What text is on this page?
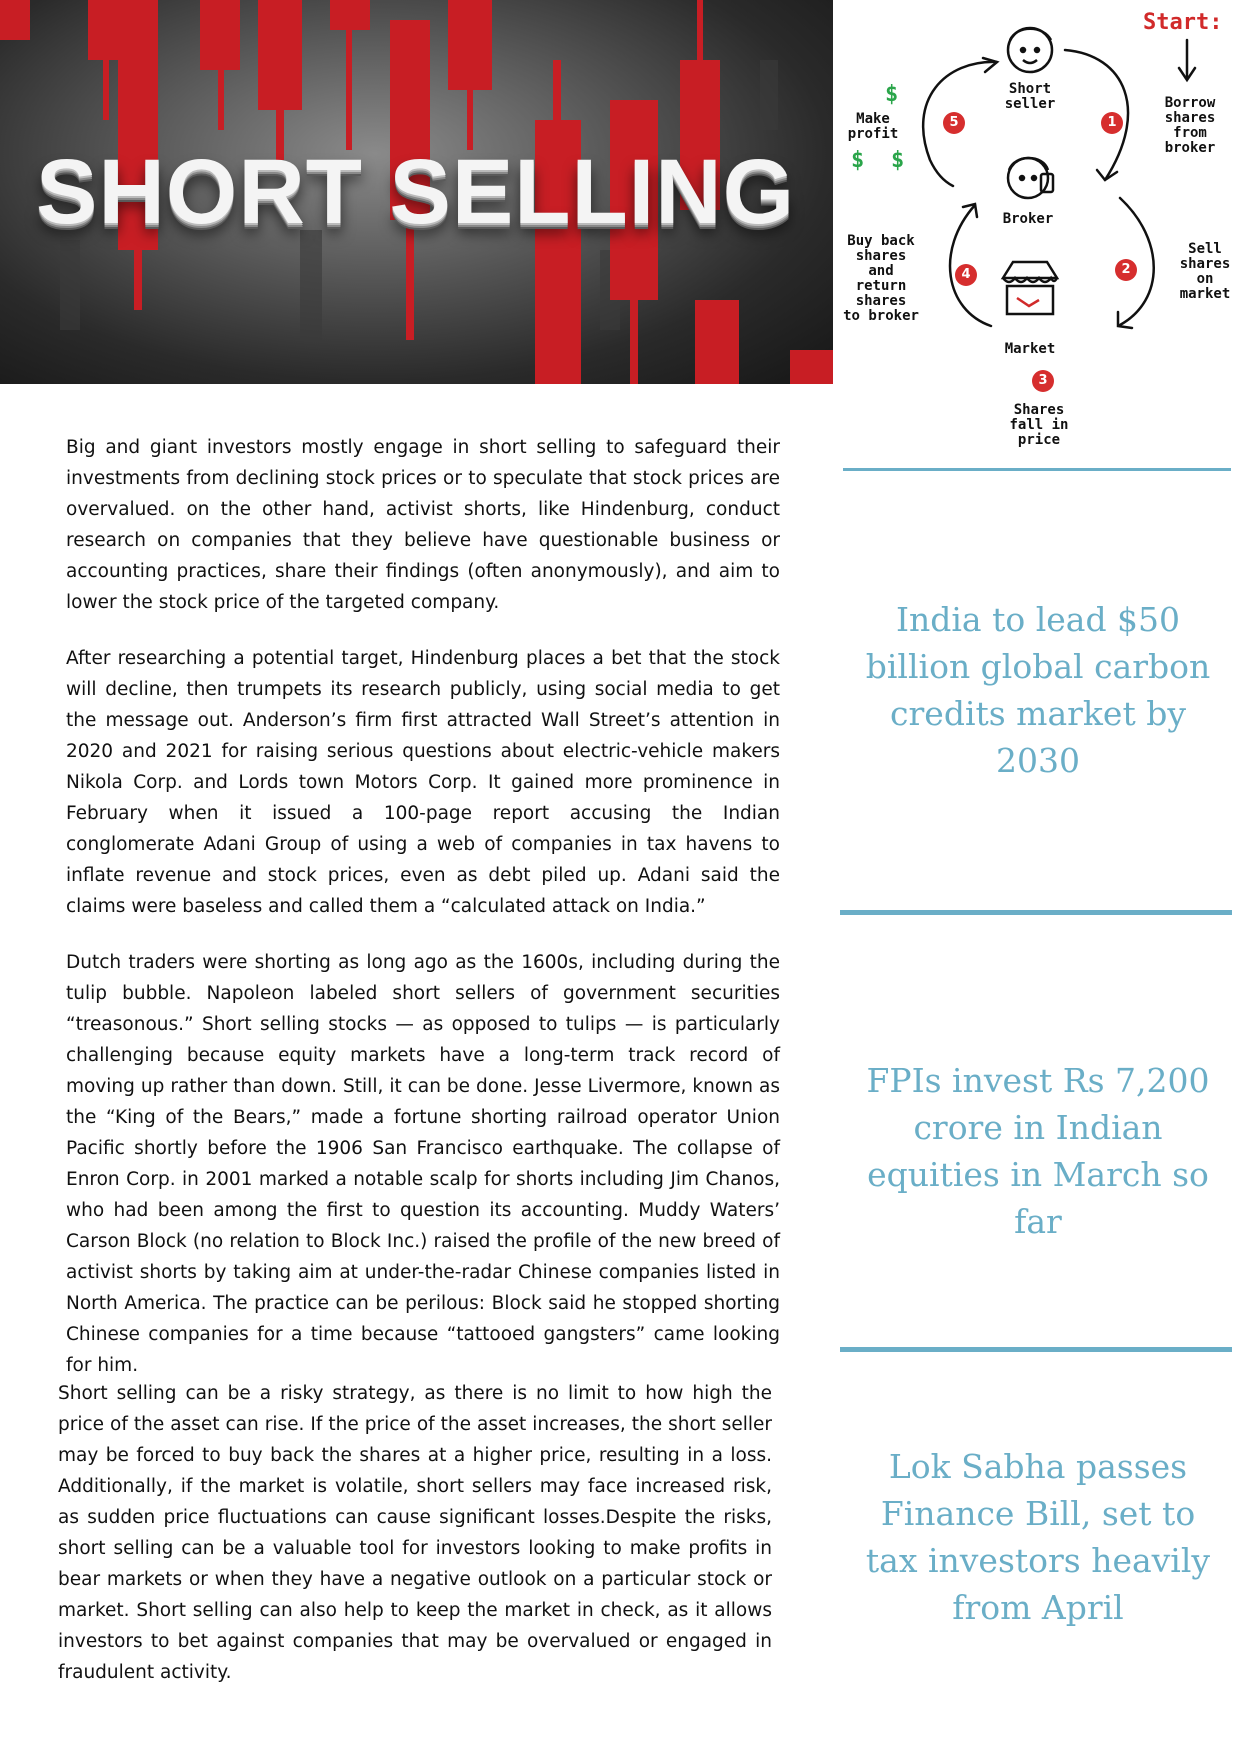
SHORT SELLING
Start:
Short
seller
Broker
Market
1
Borrow
shares
from
broker
2
Sell
shares
on
market
3
Shares
fall in
price
4
Buy back
shares
and
return
shares
to broker
5
Make
profit
$
$ $

Big and giant investors mostly engage in short selling to safeguard their investments from declining stock prices or to speculate that stock prices are overvalued. on the other hand, activist shorts, like Hindenburg, conduct research on companies that they believe have questionable business or accounting practices, share their findings (often anonymously), and aim to lower the stock price of the targeted company.

After researching a potential target, Hindenburg places a bet that the stock will decline, then trumpets its research publicly, using social media to get the message out. Anderson’s firm first attracted Wall Street’s attention in 2020 and 2021 for raising serious questions about electric-vehicle makers Nikola Corp. and Lords town Motors Corp. It gained more prominence in February when it issued a 100-page report accusing the Indian conglomerate Adani Group of using a web of companies in tax havens to inflate revenue and stock prices, even as debt piled up. Adani said the claims were baseless and called them a “calculated attack on India.”

Dutch traders were shorting as long ago as the 1600s, including during the tulip bubble. Napoleon labeled short sellers of government securities “treasonous.” Short selling stocks — as opposed to tulips — is particularly challenging because equity markets have a long-term track record of moving up rather than down. Still, it can be done. Jesse Livermore, known as the “King of the Bears,” made a fortune shorting railroad operator Union Pacific shortly before the 1906 San Francisco earthquake. The collapse of Enron Corp. in 2001 marked a notable scalp for shorts including Jim Chanos, who had been among the first to question its accounting. Muddy Waters’ Carson Block (no relation to Block Inc.) raised the profile of the new breed of activist shorts by taking aim at under-the-radar Chinese companies listed in North America. The practice can be perilous: Block said he stopped shorting Chinese companies for a time because “tattooed gangsters” came looking for him.

Short selling can be a risky strategy, as there is no limit to how high the price of the asset can rise. If the price of the asset increases, the short seller may be forced to buy back the shares at a higher price, resulting in a loss. Additionally, if the market is volatile, short sellers may face increased risk, as sudden price fluctuations can cause significant losses.Despite the risks, short selling can be a valuable tool for investors looking to make profits in bear markets or when they have a negative outlook on a particular stock or market. Short selling can also help to keep the market in check, as it allows investors to bet against companies that may be overvalued or engaged in fraudulent activity.

India to lead $50 billion global carbon credits market by 2030
FPIs invest Rs 7,200 crore in Indian equities in March so far
Lok Sabha passes Finance Bill, set to tax investors heavily from April
